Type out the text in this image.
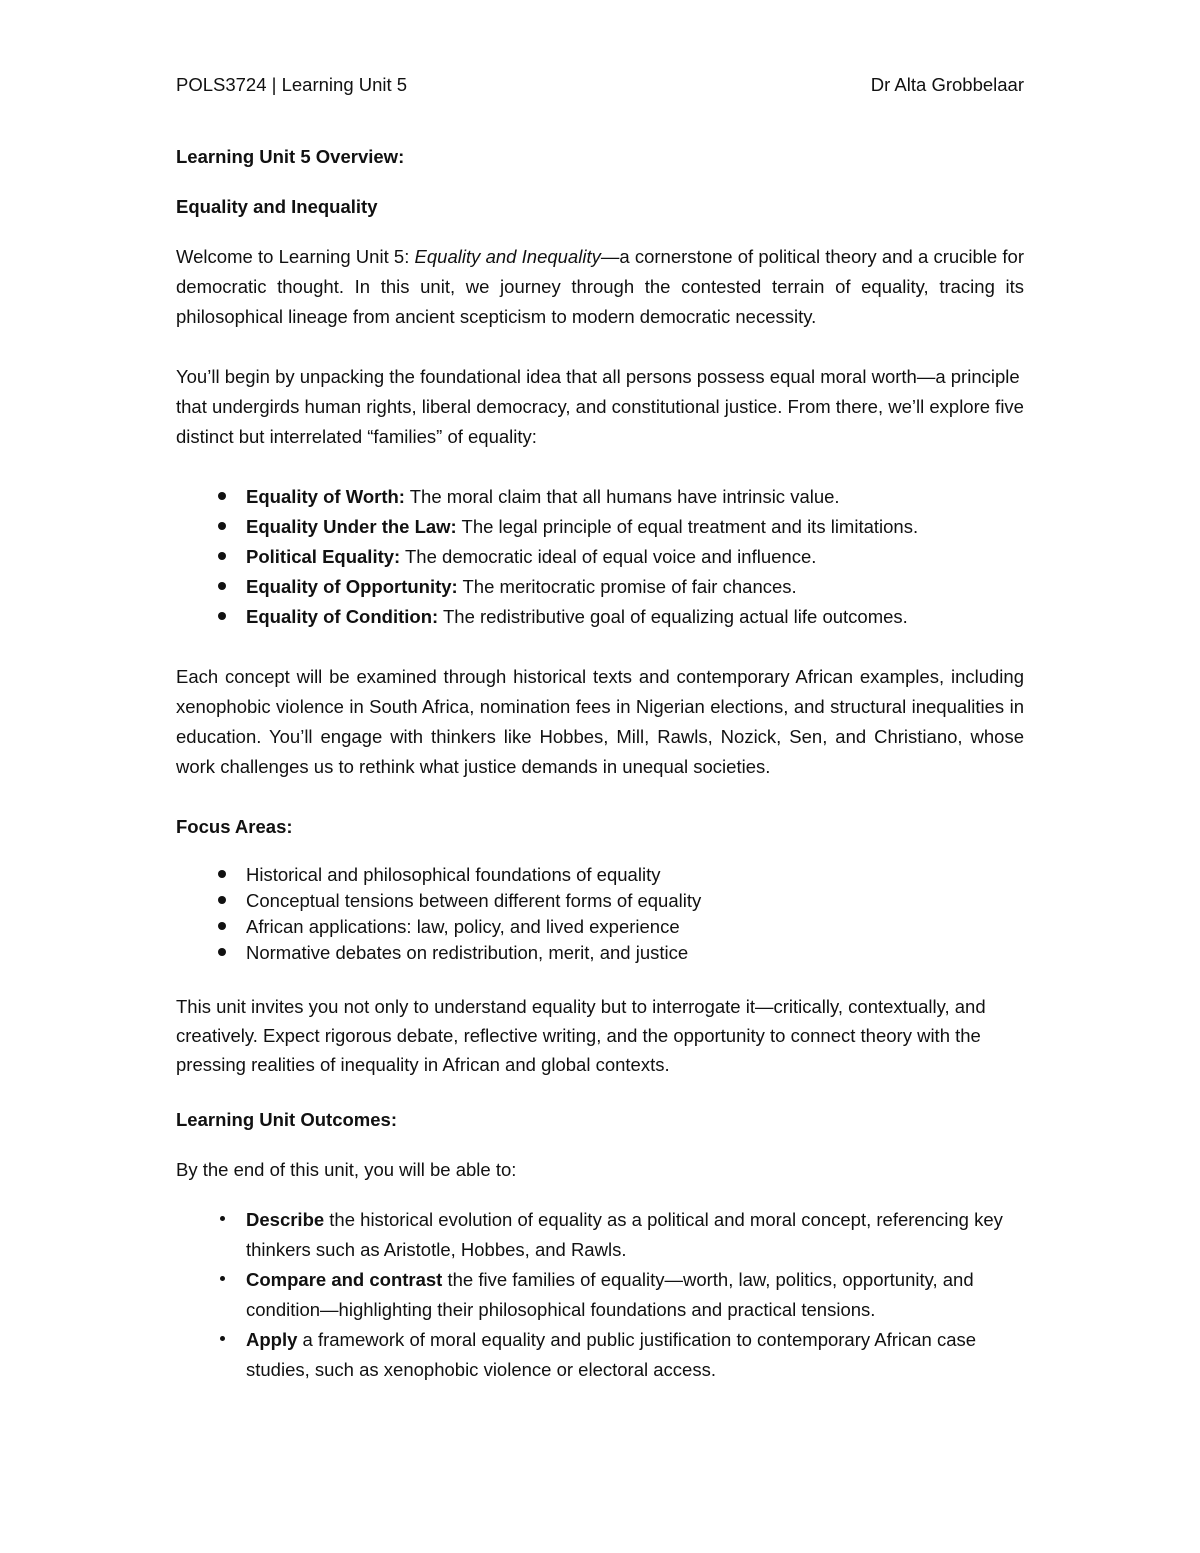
POLS3724 | Learning Unit 5	Dr Alta Grobbelaar

Learning Unit 5 Overview:

Equality and Inequality

Welcome to Learning Unit 5: Equality and Inequality—a cornerstone of political theory and a crucible for democratic thought. In this unit, we journey through the contested terrain of equality, tracing its philosophical lineage from ancient scepticism to modern democratic necessity.

You’ll begin by unpacking the foundational idea that all persons possess equal moral worth—a principle that undergirds human rights, liberal democracy, and constitutional justice. From there, we’ll explore five distinct but interrelated “families” of equality:

Equality of Worth: The moral claim that all humans have intrinsic value.
Equality Under the Law: The legal principle of equal treatment and its limitations.
Political Equality: The democratic ideal of equal voice and influence.
Equality of Opportunity: The meritocratic promise of fair chances.
Equality of Condition: The redistributive goal of equalizing actual life outcomes.

Each concept will be examined through historical texts and contemporary African examples, including xenophobic violence in South Africa, nomination fees in Nigerian elections, and structural inequalities in education. You’ll engage with thinkers like Hobbes, Mill, Rawls, Nozick, Sen, and Christiano, whose work challenges us to rethink what justice demands in unequal societies.

Focus Areas:

Historical and philosophical foundations of equality
Conceptual tensions between different forms of equality
African applications: law, policy, and lived experience
Normative debates on redistribution, merit, and justice

This unit invites you not only to understand equality but to interrogate it—critically, contextually, and creatively. Expect rigorous debate, reflective writing, and the opportunity to connect theory with the pressing realities of inequality in African and global contexts.

Learning Unit Outcomes:

By the end of this unit, you will be able to:

Describe the historical evolution of equality as a political and moral concept, referencing key thinkers such as Aristotle, Hobbes, and Rawls.
Compare and contrast the five families of equality—worth, law, politics, opportunity, and condition—highlighting their philosophical foundations and practical tensions.
Apply a framework of moral equality and public justification to contemporary African case studies, such as xenophobic violence or electoral access.
